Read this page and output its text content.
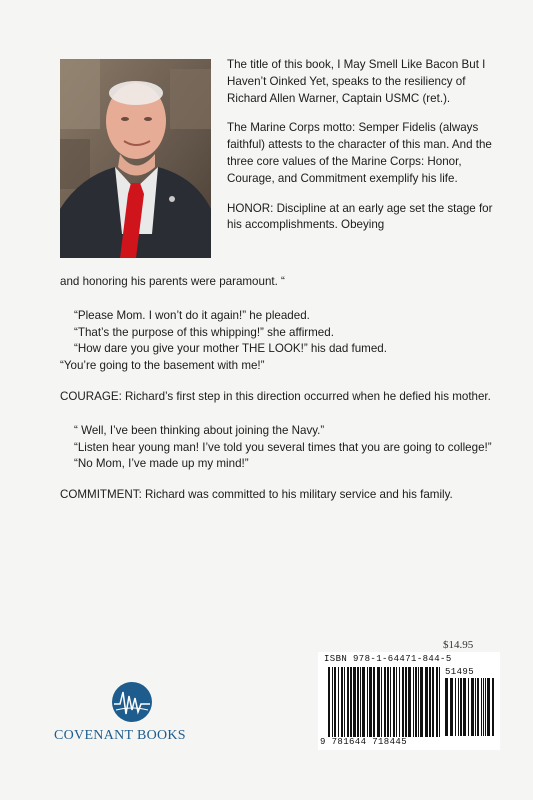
The title of this book, I May Smell Like Bacon But I Haven’t Oinked Yet, speaks to the resiliency of Richard Allen Warner, Captain USMC (ret.).

The Marine Corps motto: Semper Fidelis (always faithful) attests to the character of this man. And the three core values of the Marine Corps: Honor, Courage, and Commitment exemplify his life.

HONOR: Discipline at an early age set the stage for his accomplishments. Obeying

and honoring his parents were paramount. “

“Please Mom. I won’t do it again!” he pleaded.

“That’s the purpose of this whipping!” she affirmed.

“How dare you give your mother THE LOOK!” his dad fumed.

“You’re going to the basement with me!”

COURAGE: Richard’s first step in this direction occurred when he defied his mother.

“ Well, I’ve been thinking about joining the Navy.”

“Listen hear young man! I’ve told you several times that you are going to college!”

“No Mom, I’ve made up my mind!”

COMMITMENT: Richard was committed to his military service and his family.

COVENANT BOOKS
$14.95
ISBN 978-1-64471-844-5
51495
9 781644 718445
